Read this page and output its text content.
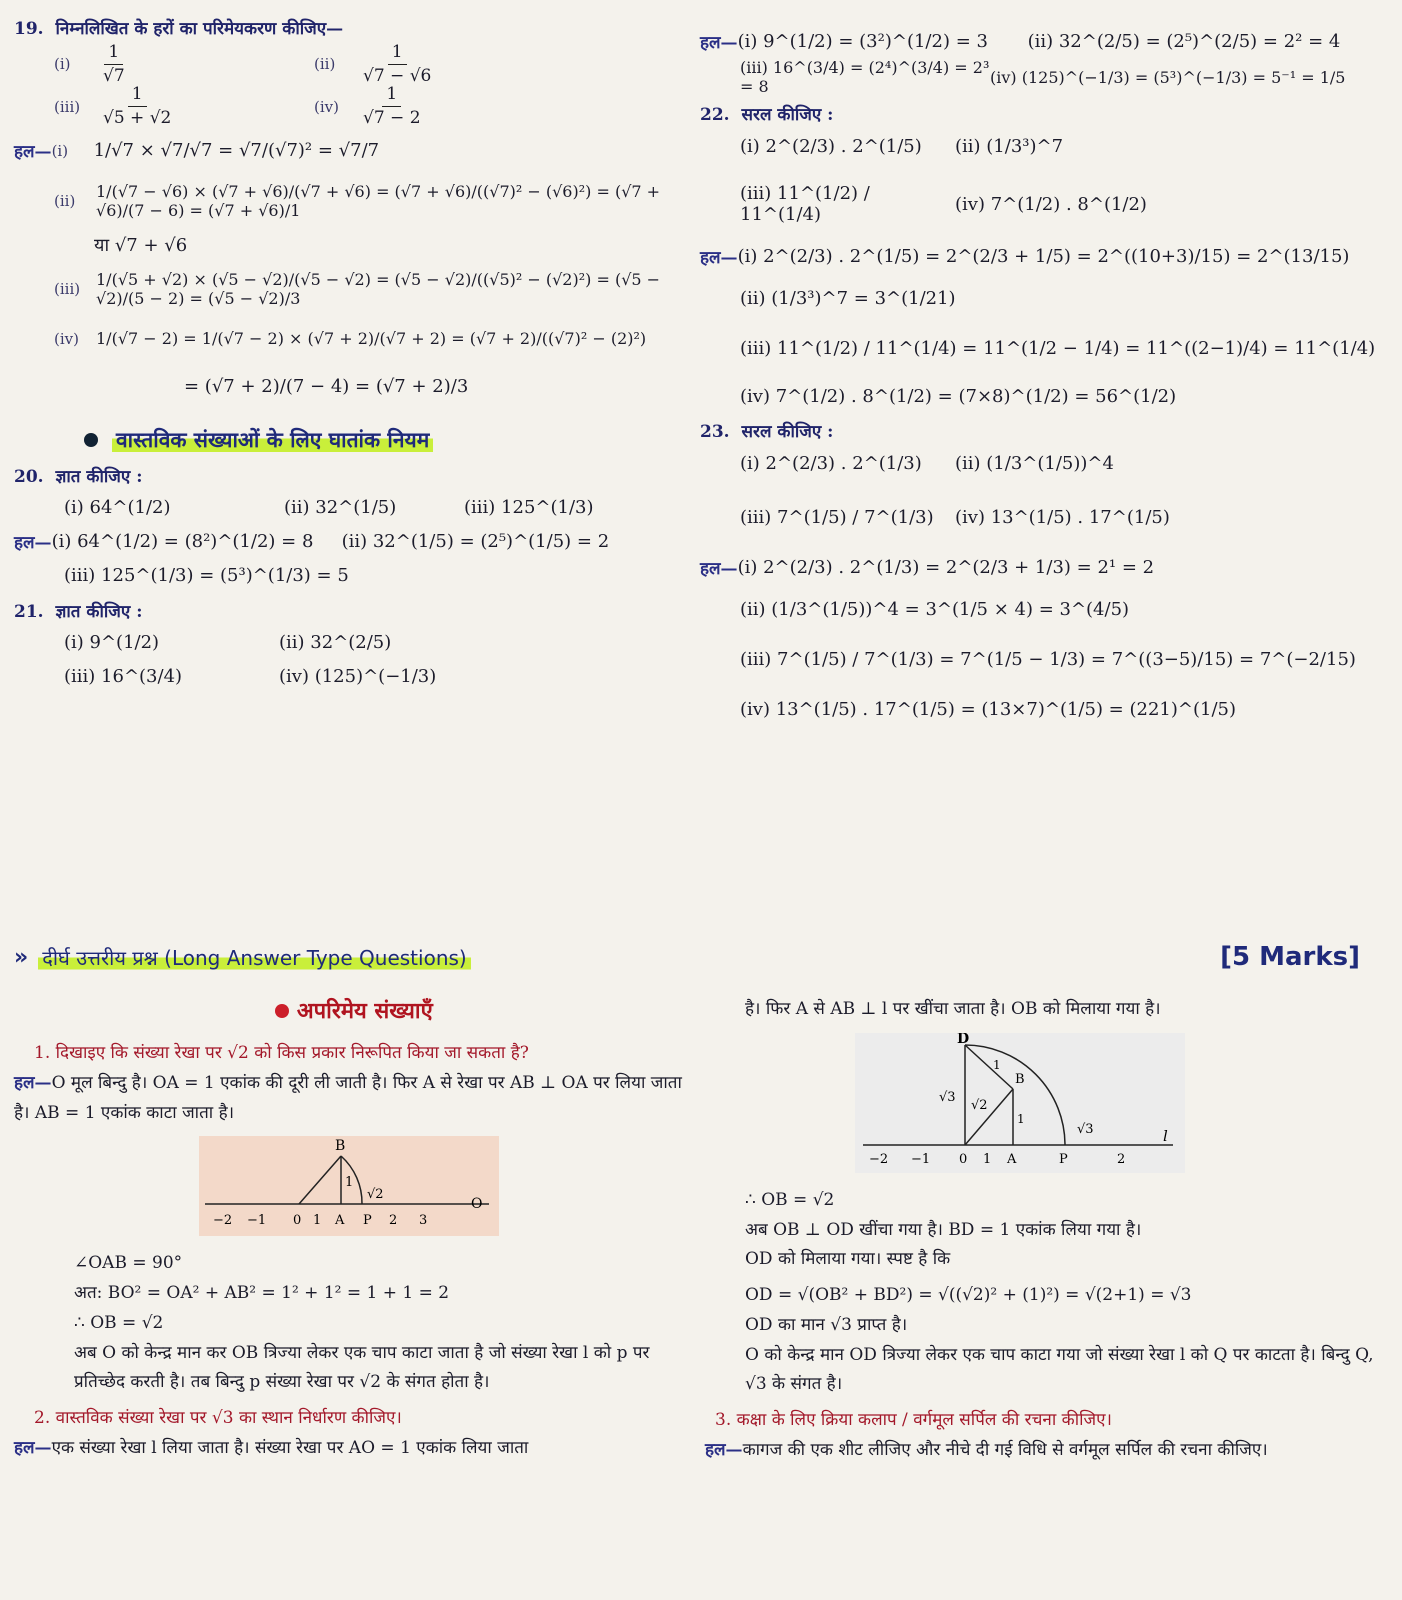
19. निम्नलिखित के हरों का परिमेयकरण कीजिए—
(i)	$\frac{1}{√7}$	(ii)	$\frac{1}{√7 - √6}$
$(iii) \frac{1}{√5 + √2}$	$(iv) \frac{1}{√7 - 2}$
हल— (i)	1/√7 × √7/√7 = √7/(√7)² = √7/7
(ii)	1/(√7 − √6) × (√7 + √6)/(√7 + √6) = (√7 + √6)/((√7)² − (√6)²) = (√7 + √6)/(7 − 6) = (√7 + √6)/1
या √7 + √6
(iii) 1/(√5 + √2) × (√5 − √2)/(√5 − √2) = (√5 − √2)/((√5)² − (√2)²) = (√5 − √2)/(5 − 2) = (√5 − √2)/3
(iv)	1/(√7 − 2) = 1/(√7 − 2) × (√7 + 2)/(√7 + 2) = (√7 + 2)/((√7)² − (2)²)
= (√7 + 2)/(7 − 4) = (√7 + 2)/3
वास्तविक संख्याओं के लिए घातांक नियम
20. ज्ञात कीजिए :
(i) 64^(1/2)	(ii) 32^(1/5)	(iii) 125^(1/3)
हल— (i) 64^(1/2) = (8²)^(1/2) = 8	(ii) 32^(1/5) = (2⁵)^(1/5) = 2
(iii) 125^(1/3) = (5³)^(1/3) = 5
21. ज्ञात कीजिए :
(i) 9^(1/2)	(ii) 32^(2/5)
(iii) 16^(3/4)	(iv) (125)^(−1/3)
हल— (i) 9^(1/2) = (3²)^(1/2) = 3	(ii) 32^(2/5) = (2⁵)^(2/5) = 2² = 4
(iii) 16^(3/4) = (2⁴)^(3/4) = 2³ = 8	(iv) (125)^(−1/3) = (5³)^(−1/3) = 5⁻¹ = 1/5
22. सरल कीजिए :
(i) 2^(2/3) . 2^(1/5)	(ii) (1/3³)^7
(iii) 11^(1/2) / 11^(1/4)	(iv) 7^(1/2) . 8^(1/2)
हल— (i) 2^(2/3) . 2^(1/5) = 2^(2/3 + 1/5) = 2^((10+3)/15) = 2^(13/15)
(ii) (1/3³)^7 = 3^(1/21)
(iii) 11^(1/2) / 11^(1/4) = 11^(1/2 − 1/4) = 11^((2−1)/4) = 11^(1/4)
(iv) 7^(1/2) . 8^(1/2) = (7×8)^(1/2) = 56^(1/2)
23. सरल कीजिए :
(i) 2^(2/3) . 2^(1/3)	(ii) (1/3^(1/5))^4
(iii) 7^(1/5) / 7^(1/3)	(iv) 13^(1/5) . 17^(1/5)
हल— (i) 2^(2/3) . 2^(1/3) = 2^(2/3 + 1/3) = 2¹ = 2
(ii) (1/3^(1/5))^4 = 3^(1/5 × 4) = 3^(4/5)
(iii) 7^(1/5) / 7^(1/3) = 7^(1/5 − 1/3) = 7^((3−5)/15) = 7^(−2/15)
(iv) 13^(1/5) . 17^(1/5) = (13×7)^(1/5) = (221)^(1/5)
» दीर्घ उत्तरीय प्रश्न (Long Answer Type Questions)	[5 Marks]
अपरिमेय संख्याएँ

1. दिखाइए कि संख्या रेखा पर √2 को किस प्रकार निरूपित किया जा सकता है?

हल—O मूल बिन्दु है। OA = 1 एकांक की दूरी ली जाती है। फिर A से रेखा पर AB ⊥ OA पर लिया जाता है। AB = 1 एकांक काटा जाता है।

B
1
√2
O
−2 −1 0 1 A P 2 3

∠OAB = 90°

अत: BO² = OA² + AB² = 1² + 1² = 1 + 1 = 2

∴ OB = √2

अब O को केन्द्र मान कर OB त्रिज्या लेकर एक चाप काटा जाता है जो संख्या रेखा l को p पर प्रतिच्छेद करती है। तब बिन्दु p संख्या रेखा पर √2 के संगत होता है।

2. वास्तविक संख्या रेखा पर √3 का स्थान निर्धारण कीजिए।

हल—एक संख्या रेखा l लिया जाता है। संख्या रेखा पर AO = 1 एकांक लिया जाता

है। फिर A से AB ⊥ l पर खींचा जाता है। OB को मिलाया गया है।

D
B
√3
√2
1
1
√3	l
−2 −1 0 1 A	P	2

∴ OB = √2

अब OB ⊥ OD खींचा गया है। BD = 1 एकांक लिया गया है।

OD को मिलाया गया। स्पष्ट है कि

OD = √(OB² + BD²) = √((√2)² + (1)²) = √(2+1) = √3

OD का मान √3 प्राप्त है।

O को केन्द्र मान OD त्रिज्या लेकर एक चाप काटा गया जो संख्या रेखा l को Q पर काटता है। बिन्दु Q, √3 के संगत है।

3. कक्षा के लिए क्रिया कलाप / वर्गमूल सर्पिल की रचना कीजिए।

हल—कागज की एक शीट लीजिए और नीचे दी गई विधि से वर्गमूल सर्पिल की रचना कीजिए।
